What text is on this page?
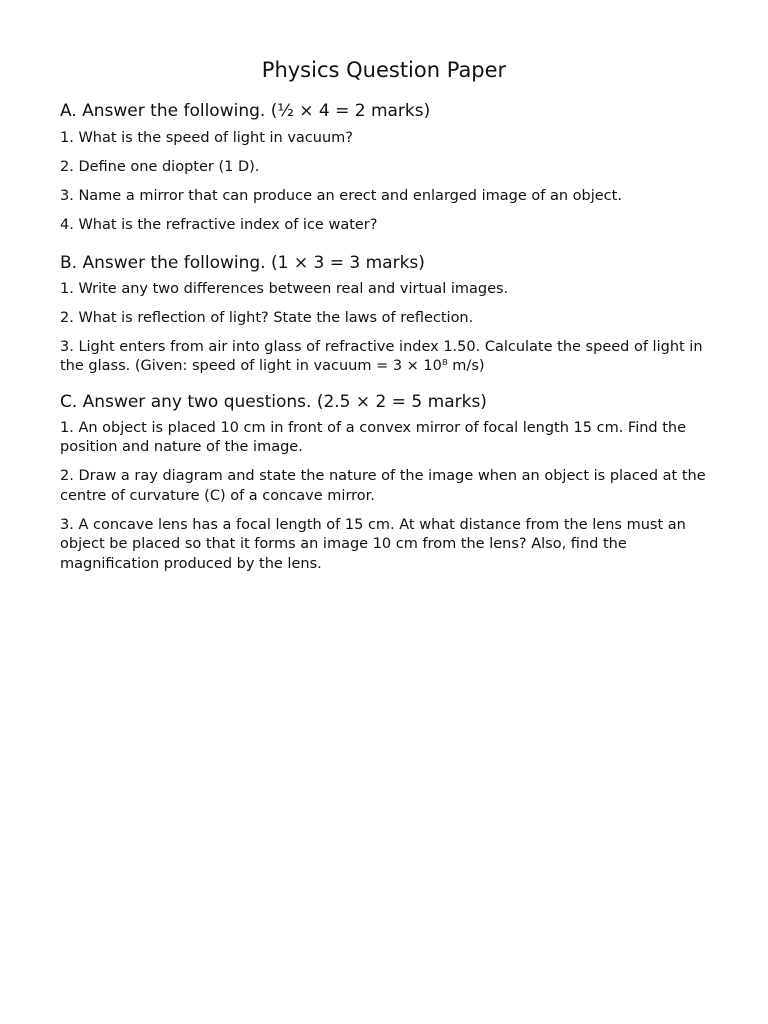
Physics Question Paper
A. Answer the following. (½ × 4 = 2 marks)

1. What is the speed of light in vacuum?

2. Define one diopter (1 D).

3. Name a mirror that can produce an erect and enlarged image of an object.

4. What is the refractive index of ice water?

B. Answer the following. (1 × 3 = 3 marks)

1. Write any two differences between real and virtual images.

2. What is reflection of light? State the laws of reflection.

3. Light enters from air into glass of refractive index 1.50. Calculate the speed of light in the glass. (Given: speed of light in vacuum = 3 × 10⁸ m/s)

C. Answer any two questions. (2.5 × 2 = 5 marks)

1. An object is placed 10 cm in front of a convex mirror of focal length 15 cm. Find the position and nature of the image.

2. Draw a ray diagram and state the nature of the image when an object is placed at the centre of curvature (C) of a concave mirror.

3. A concave lens has a focal length of 15 cm. At what distance from the lens must an object be placed so that it forms an image 10 cm from the lens? Also, find the magnification produced by the lens.
